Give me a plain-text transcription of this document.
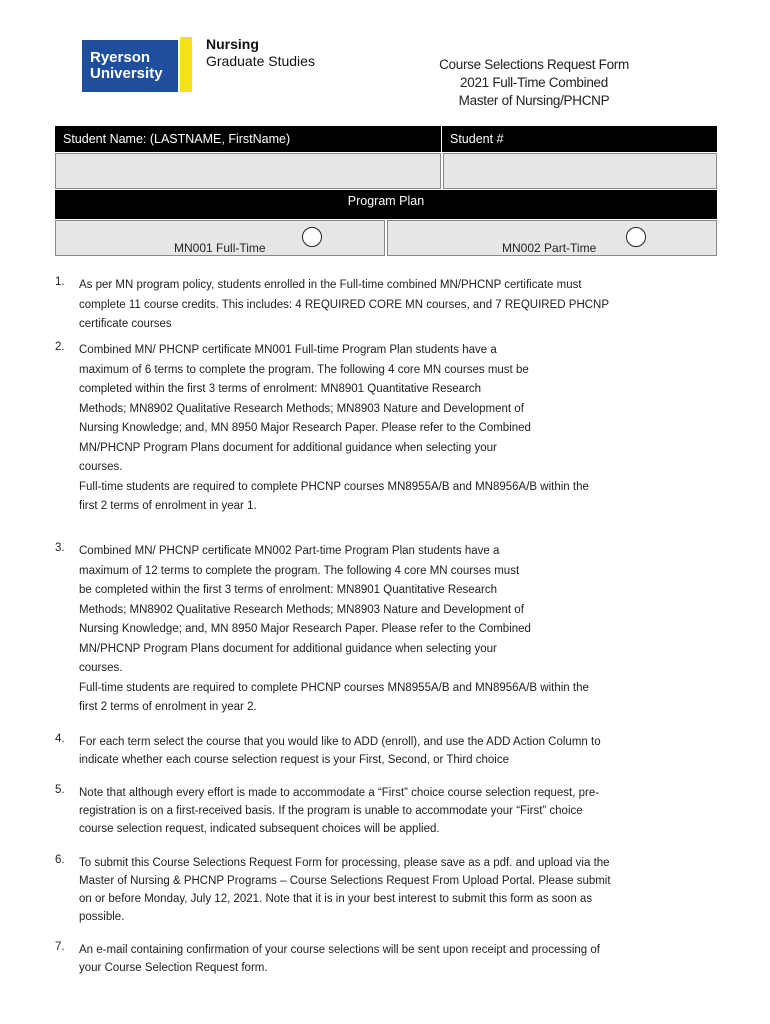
Ryerson
University
Nursing
Graduate Studies	Course Selections Request Form
2021 Full-Time Combined
Master of Nursing/PHCNP
Student Name: (LASTNAME, FirstName)	Student #
Program Plan
MN001 Full-Time	MN002 Part-Time
1. As per MN program policy, students enrolled in the Full-time combined MN/PHCNP certificate must

complete 11 course credits. This includes: 4 REQUIRED CORE MN courses, and 7 REQUIRED PHCNP

certificate courses

2. Combined MN/ PHCNP certificate MN001 Full-time Program Plan students have a

maximum of 6 terms to complete the program. The following 4 core MN courses must be

completed within the first 3 terms of enrolment: MN8901 Quantitative Research

Methods; MN8902 Qualitative Research Methods; MN8903 Nature and Development of

Nursing Knowledge; and, MN 8950 Major Research Paper. Please refer to the Combined

MN/PHCNP Program Plans document for additional guidance when selecting your

courses.

Full-time students are required to complete PHCNP courses MN8955A/B and MN8956A/B within the

first 2 terms of enrolment in year 1.

3. Combined MN/ PHCNP certificate MN002 Part-time Program Plan students have a

maximum of 12 terms to complete the program. The following 4 core MN courses must

be completed within the first 3 terms of enrolment: MN8901 Quantitative Research

Methods; MN8902 Qualitative Research Methods; MN8903 Nature and Development of

Nursing Knowledge; and, MN 8950 Major Research Paper. Please refer to the Combined

MN/PHCNP Program Plans document for additional guidance when selecting your

courses.

Full-time students are required to complete PHCNP courses MN8955A/B and MN8956A/B within the

first 2 terms of enrolment in year 2.

4. For each term select the course that you would like to ADD (enroll), and use the ADD Action Column to

indicate whether each course selection request is your First, Second, or Third choice

5. Note that although every effort is made to accommodate a “First” choice course selection request, pre-

registration is on a first-received basis. If the program is unable to accommodate your “First” choice

course selection request, indicated subsequent choices will be applied.

6. To submit this Course Selections Request Form for processing, please save as a pdf. and upload via the

Master of Nursing & PHCNP Programs – Course Selections Request From Upload Portal. Please submit

on or before Monday, July 12, 2021. Note that it is in your best interest to submit this form as soon as

possible.

7. An e-mail containing confirmation of your course selections will be sent upon receipt and processing of

your Course Selection Request form.
